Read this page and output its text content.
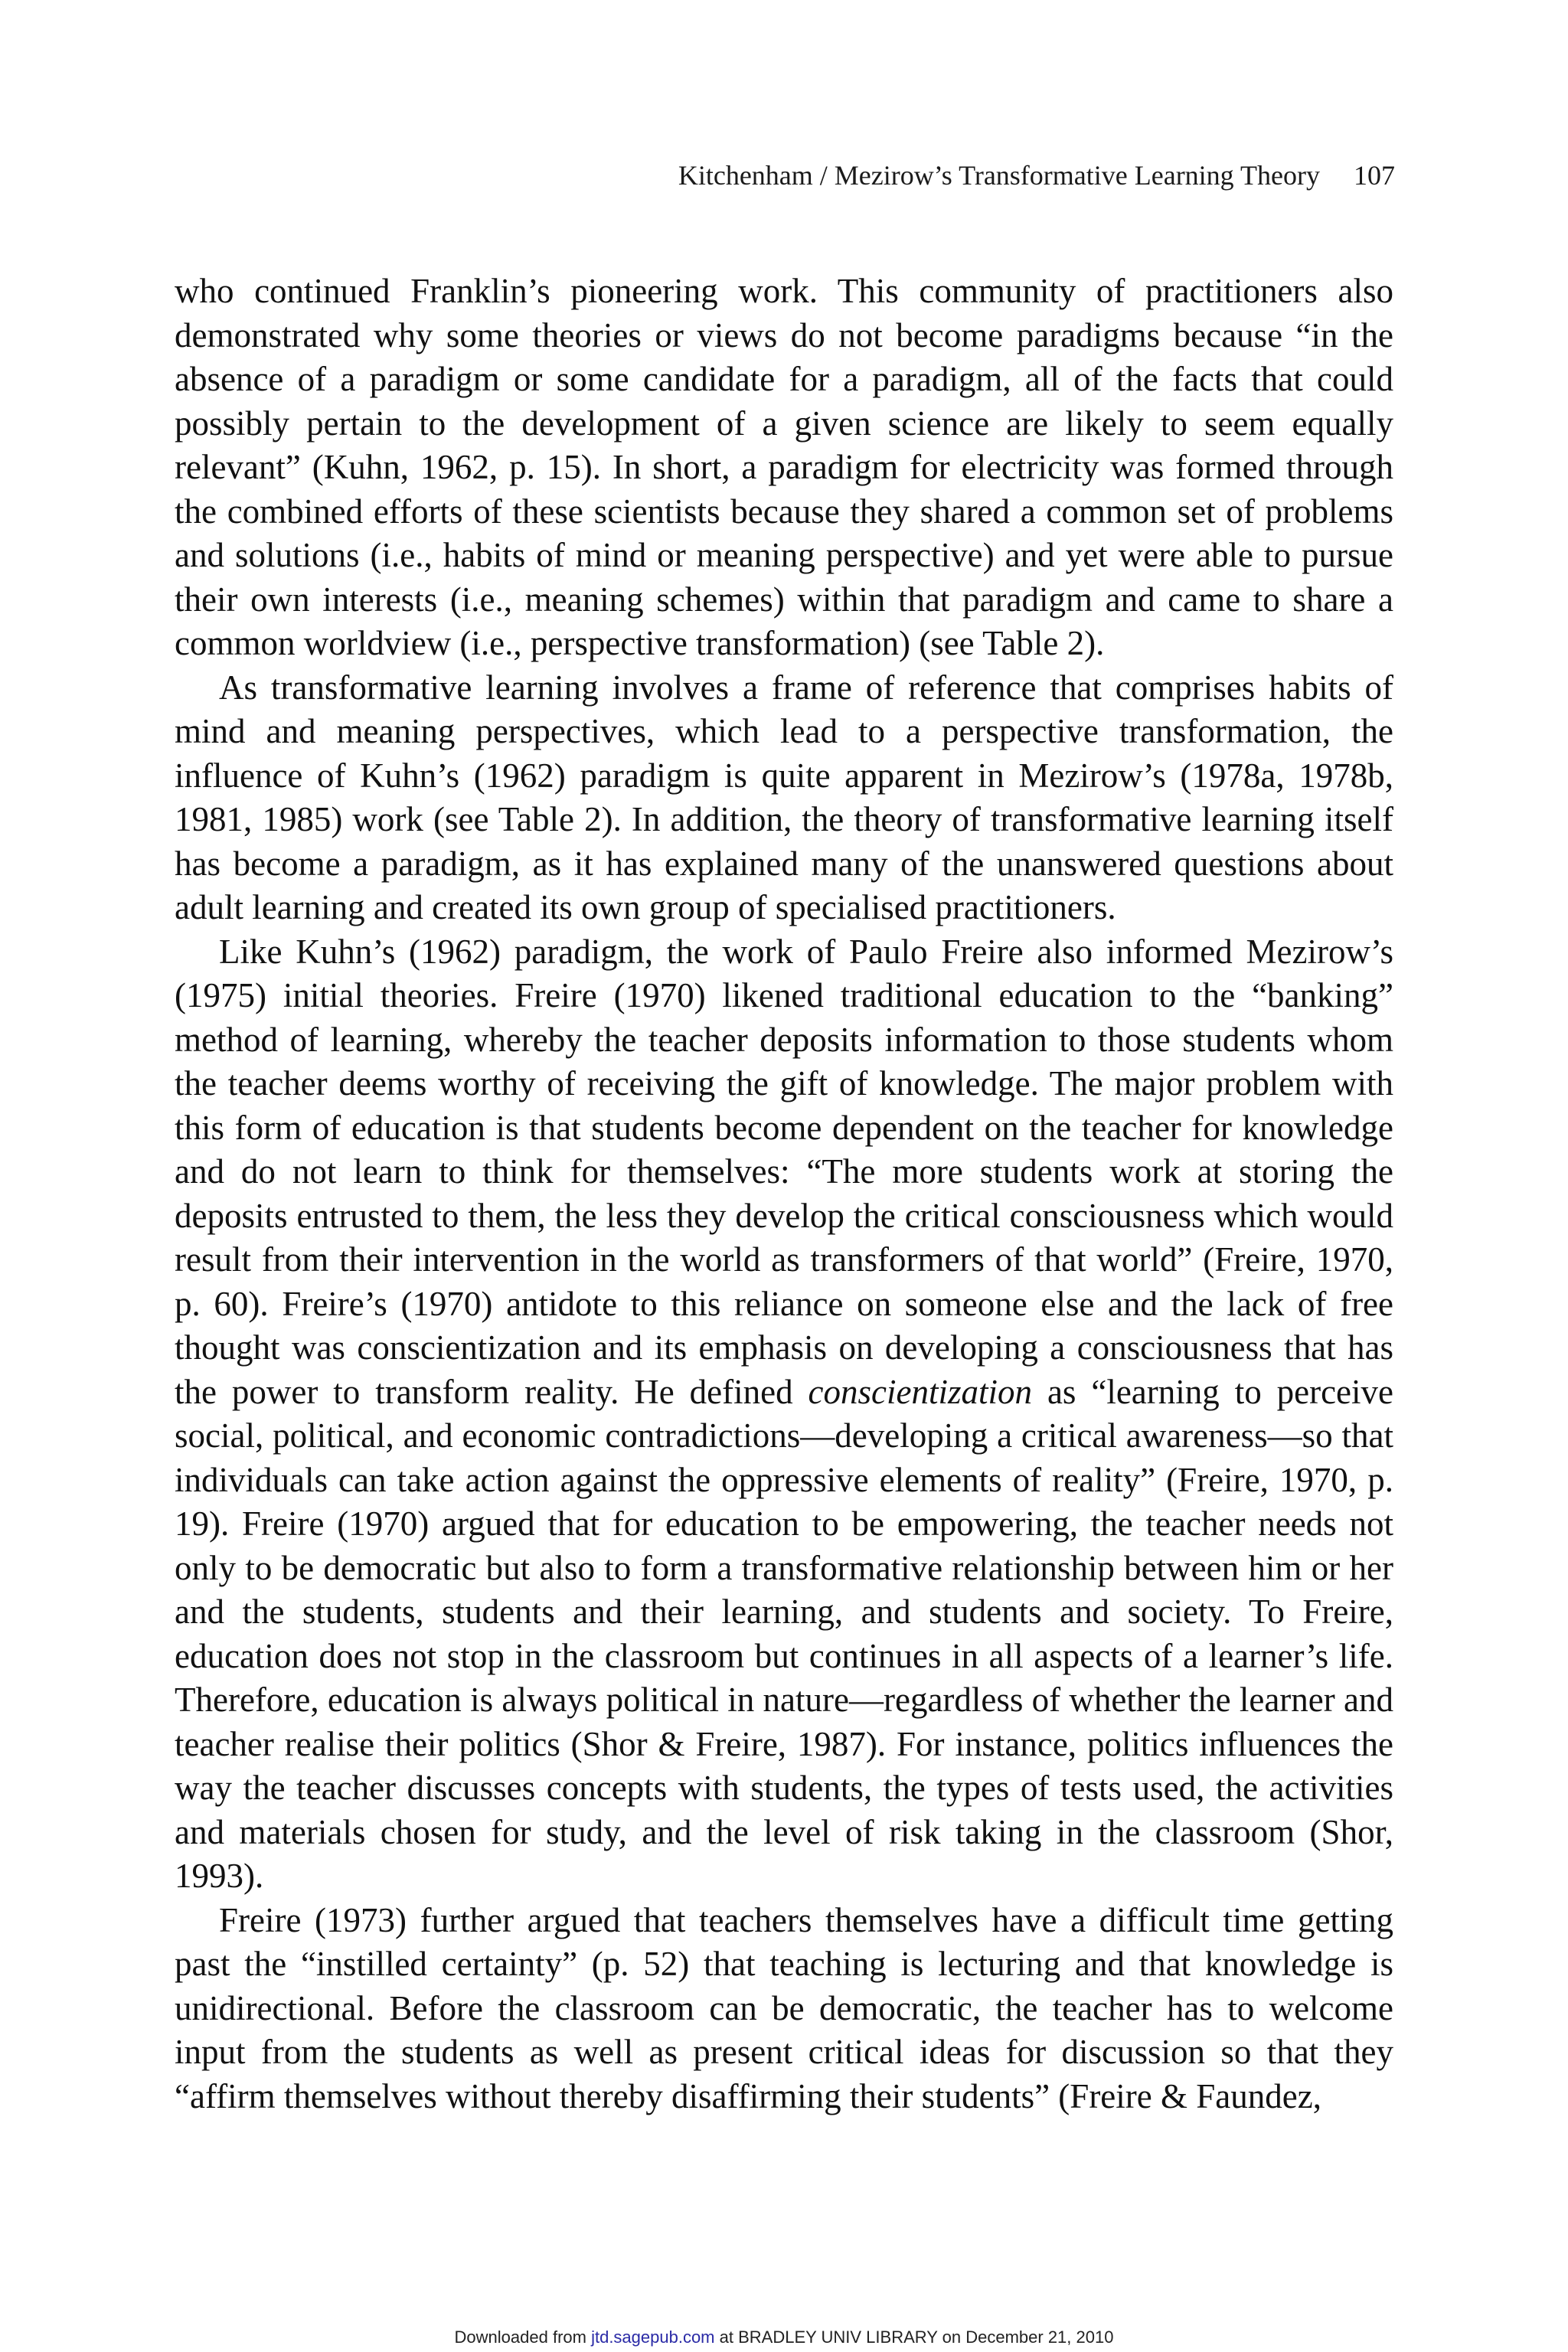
Kitchenham / Mezirow’s Transformative Learning Theory 107

who continued Franklin’s pioneering work. This community of practitioners also demonstrated why some theories or views do not become paradigms because “in the absence of a paradigm or some candidate for a paradigm, all of the facts that could possibly pertain to the development of a given science are likely to seem equally relevant” (Kuhn, 1962, p. 15). In short, a paradigm for electricity was formed through the combined efforts of these scientists because they shared a common set of problems and solutions (i.e., habits of mind or meaning perspective) and yet were able to pursue their own interests (i.e., meaning schemes) within that paradigm and came to share a common worldview (i.e., perspective transformation) (see Table 2).

As transformative learning involves a frame of reference that comprises habits of mind and meaning perspectives, which lead to a perspective transformation, the influence of Kuhn’s (1962) paradigm is quite apparent in Mezirow’s (1978a, 1978b, 1981, 1985) work (see Table 2). In addition, the theory of transformative learning itself has become a paradigm, as it has explained many of the unanswered questions about adult learning and created its own group of specialised practitioners.

Like Kuhn’s (1962) paradigm, the work of Paulo Freire also informed Mezirow’s (1975) initial theories. Freire (1970) likened traditional education to the “banking” method of learning, whereby the teacher deposits information to those students whom the teacher deems worthy of receiving the gift of knowledge. The major problem with this form of education is that students become dependent on the teacher for knowledge and do not learn to think for themselves: “The more students work at storing the deposits entrusted to them, the less they develop the critical consciousness which would result from their intervention in the world as transformers of that world” (Freire, 1970, p. 60). Freire’s (1970) antidote to this reliance on someone else and the lack of free thought was conscientization and its emphasis on developing a consciousness that has the power to transform reality. He defined conscientization as “learning to perceive social, political, and economic contradictions—developing a critical awareness—so that individuals can take action against the oppressive elements of reality” (Freire, 1970, p. 19). Freire (1970) argued that for education to be empowering, the teacher needs not only to be democratic but also to form a transformative relationship between him or her and the students, students and their learning, and students and society. To Freire, education does not stop in the classroom but continues in all aspects of a learner’s life. Therefore, education is always political in nature—regardless of whether the learner and teacher realise their politics (Shor & Freire, 1987). For instance, politics influences the way the teacher discusses concepts with students, the types of tests used, the activities and materials chosen for study, and the level of risk taking in the classroom (Shor, 1993).

Freire (1973) further argued that teachers themselves have a difficult time getting past the “instilled certainty” (p. 52) that teaching is lecturing and that knowledge is unidirectional. Before the classroom can be democratic, the teacher has to welcome input from the students as well as present critical ideas for discussion so that they “affirm themselves without thereby disaffirming their students” (Freire & Faundez,

Downloaded from jtd.sagepub.com at BRADLEY UNIV LIBRARY on December 21, 2010
